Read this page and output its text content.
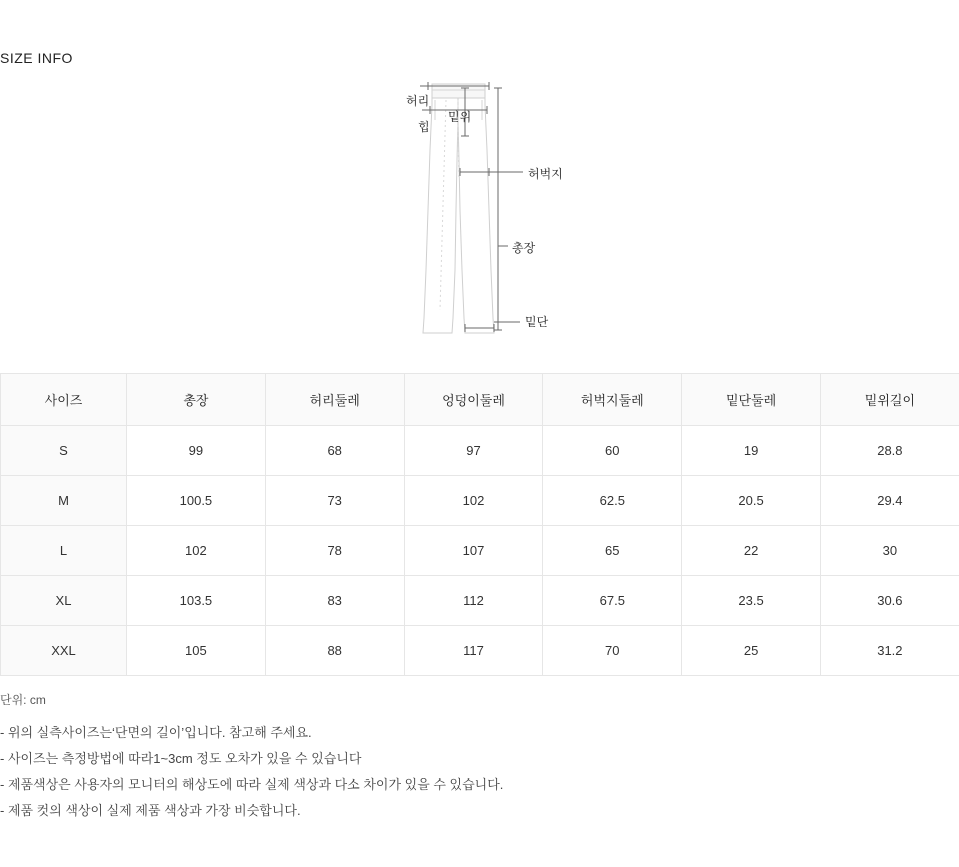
SIZE INFO
허리
힙
밑위
허벅지
총장
밑단
사이즈	총장	허리둘레	엉덩이둘레	허벅지둘레	밑단둘레	밑위길이
S	99	68	97	60	19	28.8
M	100.5	73	102	62.5	20.5	29.4
L	102	78	107	65	22	30
XL	103.5	83	112	67.5	23.5	30.6
XXL	105	88	117	70	25	31.2
단위: cm
- 위의 실측사이즈는‘단면의 길이’입니다. 참고해 주세요.
- 사이즈는 측정방법에 따라1~3cm 정도 오차가 있을 수 있습니다
- 제품색상은 사용자의 모니터의 해상도에 따라 실제 색상과 다소 차이가 있을 수 있습니다.
- 제품 컷의 색상이 실제 제품 색상과 가장 비슷합니다.
